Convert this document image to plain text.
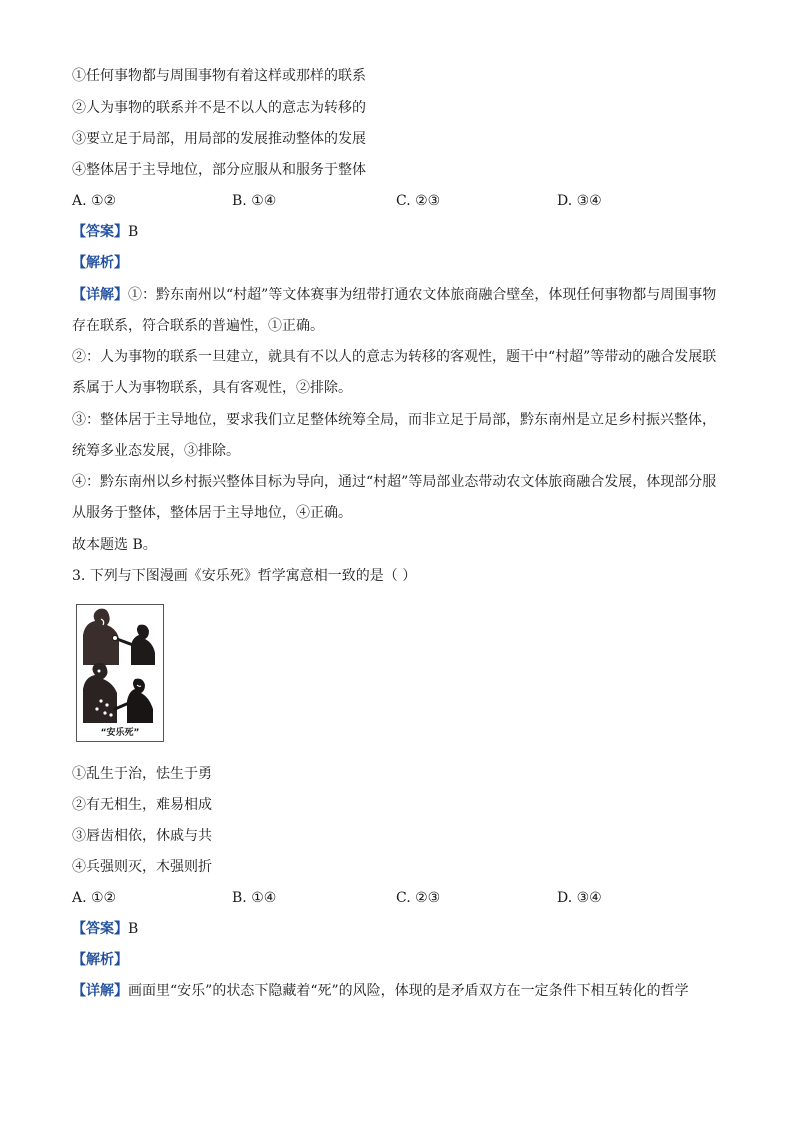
①任何事物都与周围事物有着这样或那样的联系
②人为事物的联系并不是不以人的意志为转移的
③要立足于局部，用局部的发展推动整体的发展
④整体居于主导地位，部分应服从和服务于整体
A. ①②	B. ①④	C. ②③	D. ③④
【答案】B
【解析】
【详解】①：黔东南州以“村超”等文体赛事为纽带打通农文体旅商融合壁垒，体现任何事物都与周围事物存在联系，符合联系的普遍性，①正确。
②：人为事物的联系一旦建立，就具有不以人的意志为转移的客观性，题干中“村超”等带动的融合发展联系属于人为事物联系，具有客观性，②排除。
③：整体居于主导地位，要求我们立足整体统筹全局，而非立足于局部，黔东南州是立足乡村振兴整体，统筹多业态发展，③排除。
④：黔东南州以乡村振兴整体目标为导向，通过“村超”等局部业态带动农文体旅商融合发展，体现部分服从服务于整体，整体居于主导地位，④正确。
故本题选 B。
3. 下列与下图漫画《安乐死》哲学寓意相一致的是（ ）
“安乐死”
①乱生于治，怯生于勇
②有无相生，难易相成
③唇齿相依，休戚与共
④兵强则灭，木强则折
A. ①②	B. ①④	C. ②③	D. ③④
【答案】B
【解析】
【详解】画面里“安乐”的状态下隐藏着“死”的风险，体现的是矛盾双方在一定条件下相互转化的哲学
